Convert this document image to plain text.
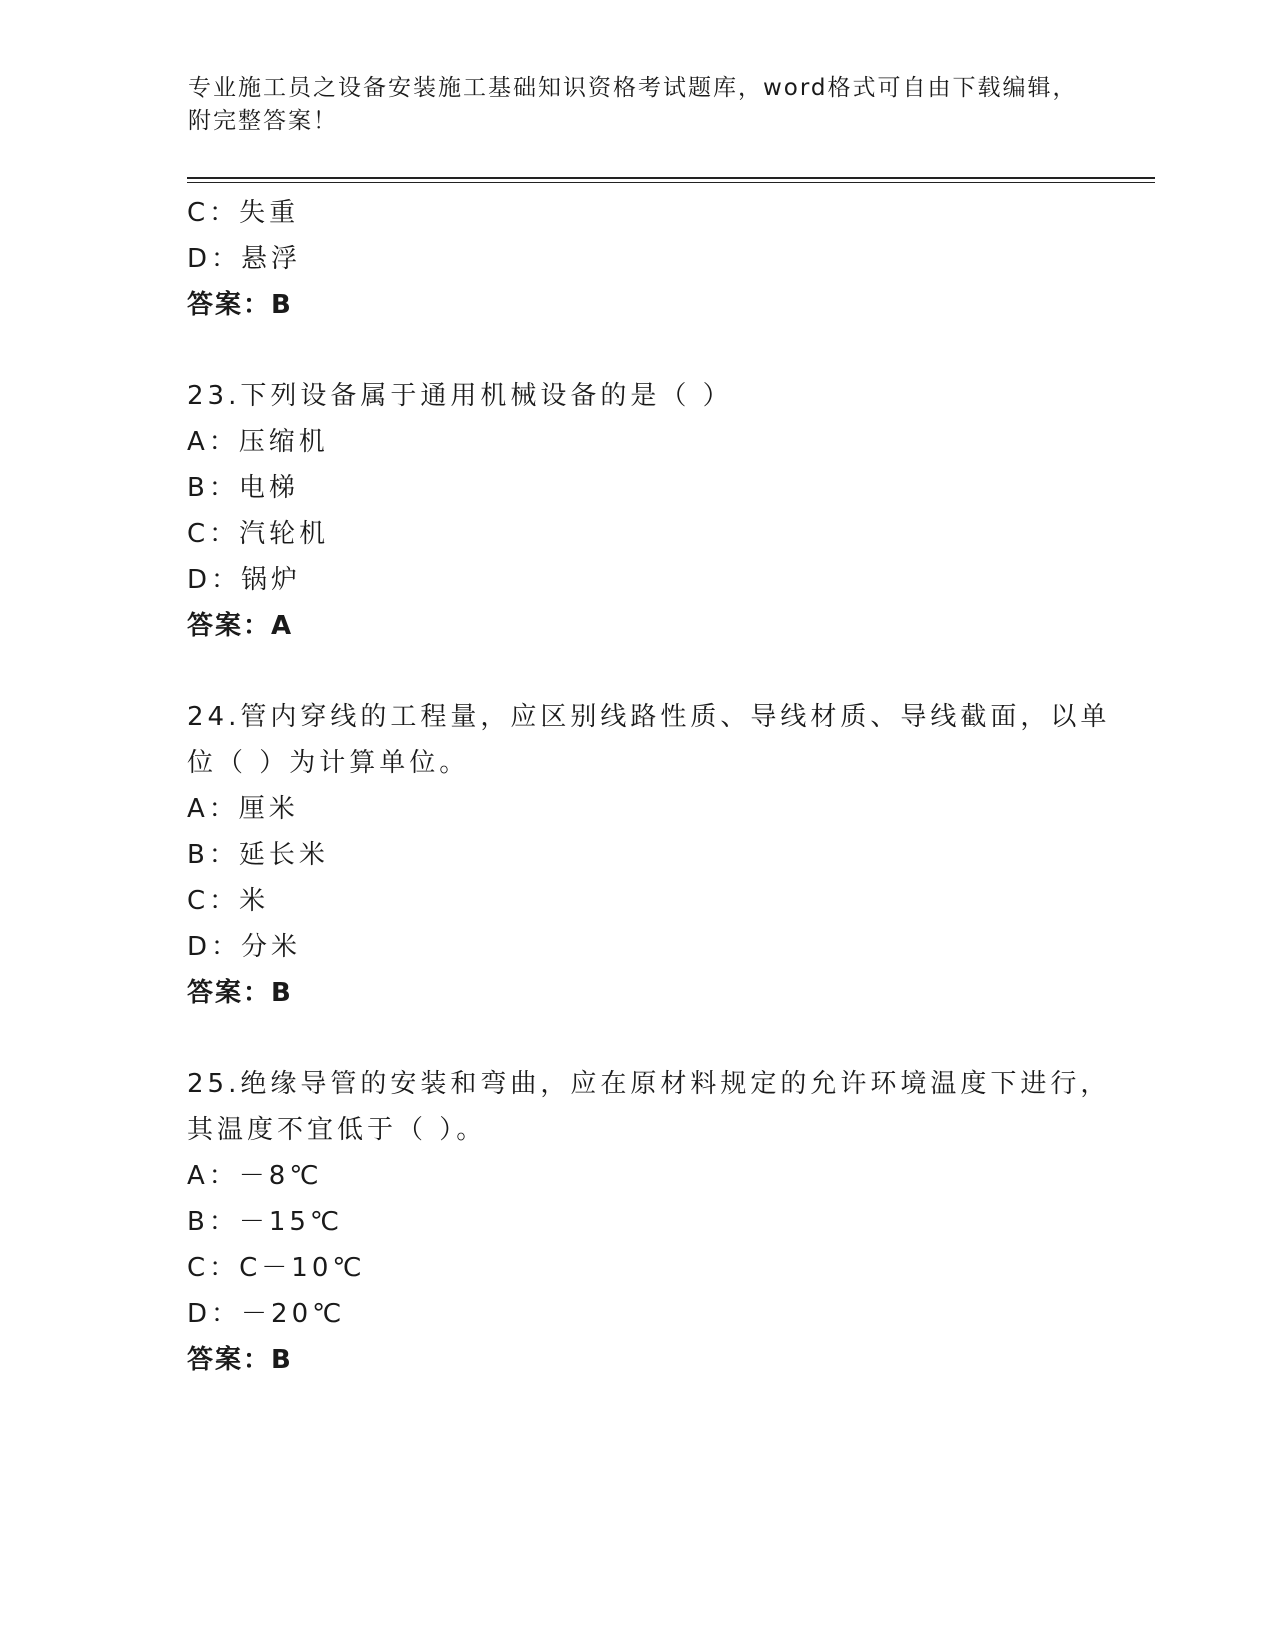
专业施工员之设备安装施工基础知识资格考试题库，word格式可自由下载编辑，
附完整答案！
C：失重
D：悬浮
答案：B
23.下列设备属于通用机械设备的是（ ）
A：压缩机
B：电梯
C：汽轮机
D：锅炉
答案：A
24.管内穿线的工程量，应区别线路性质、导线材质、导线截面，以单
位（ ）为计算单位。
A：厘米
B：延长米
C：米
D：分米
答案：B
25.绝缘导管的安装和弯曲，应在原材料规定的允许环境温度下进行，
其温度不宜低于（ ）。
A：－8℃
B：－15℃
C：C－10℃
D：－20℃
答案：B
